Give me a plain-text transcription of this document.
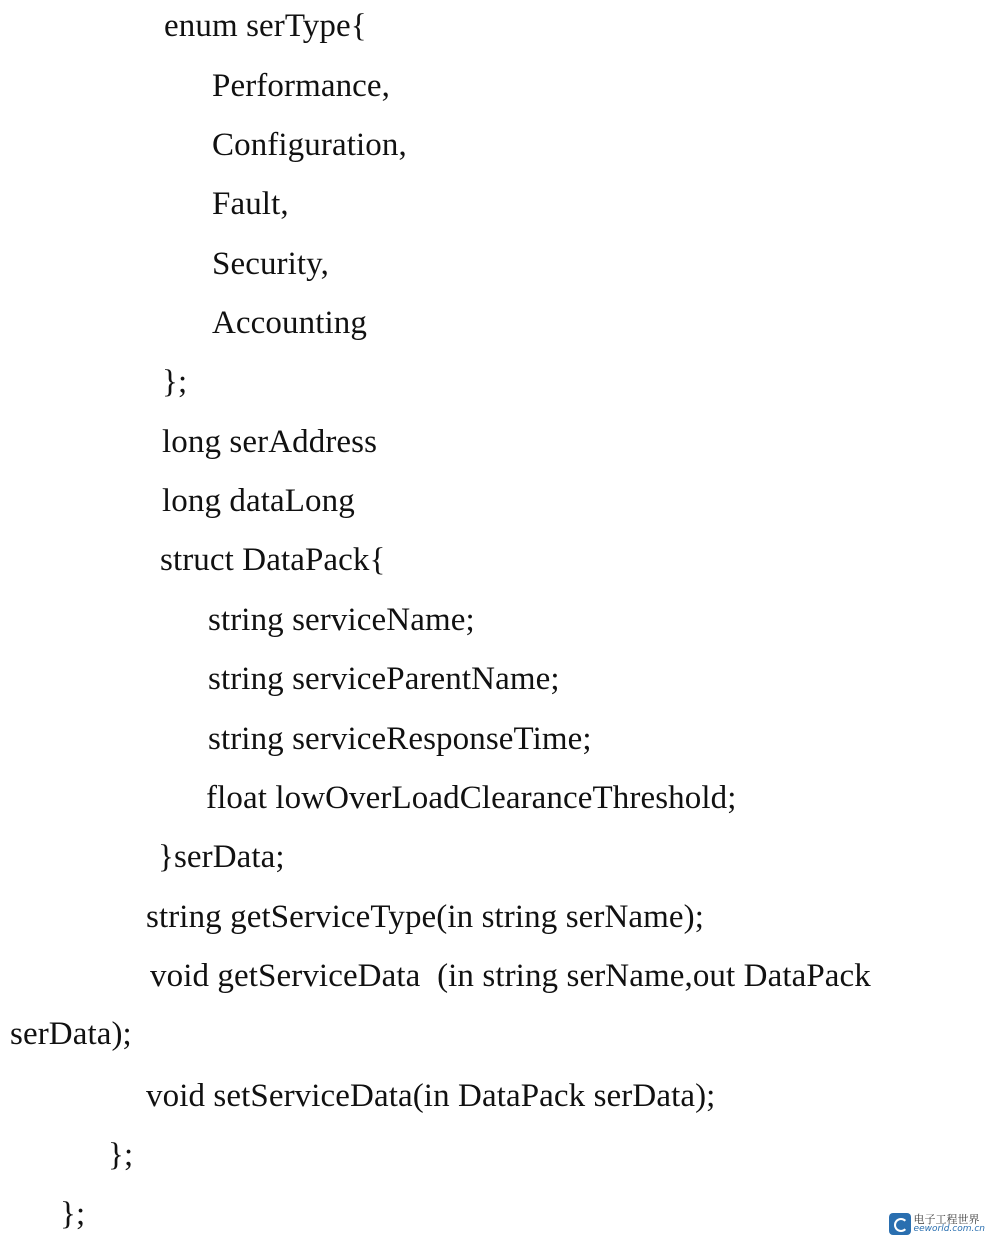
enum serType{
Performance,
Configuration,
Fault,
Security,
Accounting
};
long serAddress
long dataLong
struct DataPack{
string serviceName;
string serviceParentName;
string serviceResponseTime;
float lowOverLoadClearanceThreshold;
}serData;
string getServiceType(in string serName);
void getServiceData  (in string serName,out DataPack
serData);
void setServiceData(in DataPack serData);
};
};	电子工程世界
eeworld.com.cn
